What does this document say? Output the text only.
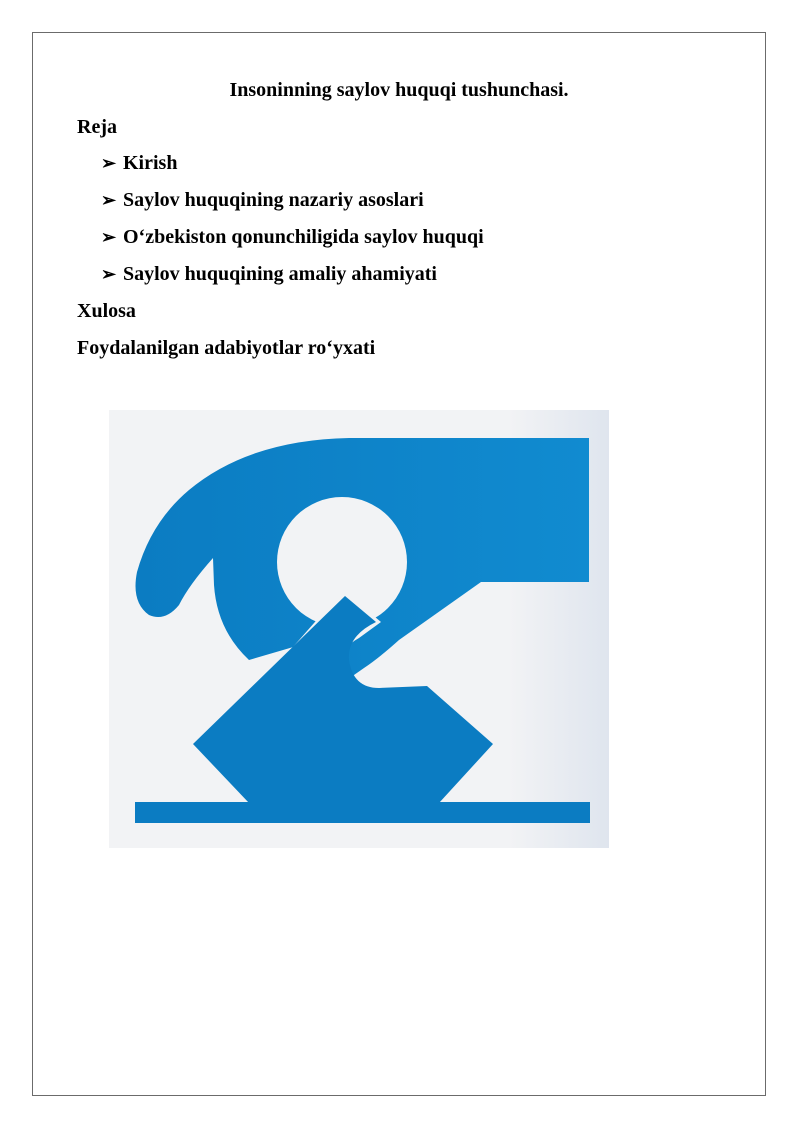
Insoninning saylov huquqi tushunchasi.
Reja
➢ Kirish
➢ Saylov huquqining nazariy asoslari
➢ O‘zbekiston qonunchiligida saylov huquqi
➢ Saylov huquqining amaliy ahamiyati
Xulosa
Foydalanilgan adabiyotlar ro‘yxati
